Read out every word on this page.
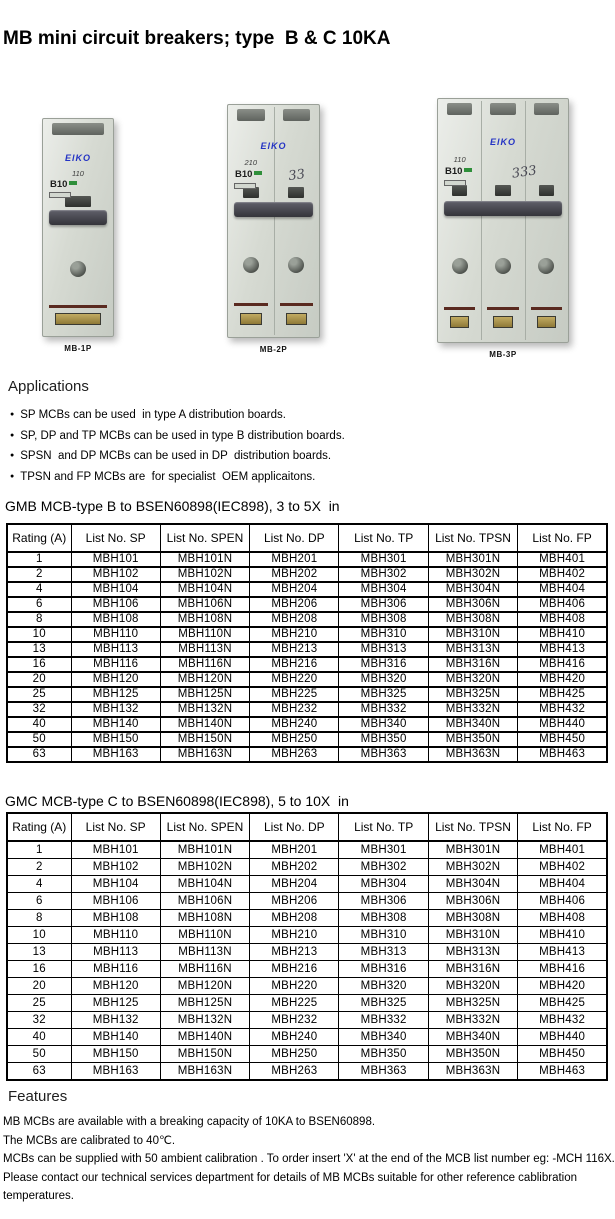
MB mini circuit breakers; type  B & C 10KA
ElKO
110
B10
MB-1P
ElKO
210
B10	33
MB-2P
ElKO
110
B10	333
MB-3P
Applications
● SP MCBs can be used  in type A distribution boards.
● SP, DP and TP MCBs can be used in type B distribution boards.
● SPSN  and DP MCBs can be used in DP  distribution boards.
● TPSN and FP MCBs are  for specialist  OEM applicaitons.
GMB MCB-type B to BSEN60898(IEC898), 3 to 5X  in
Rating (A)	List No. SP	List No. SPEN	List No. DP	List No. TP	List No. TPSN	List No. FP
1	MBH101	MBH101N	MBH201	MBH301	MBH301N	MBH401
2	MBH102	MBH102N	MBH202	MBH302	MBH302N	MBH402
4	MBH104	MBH104N	MBH204	MBH304	MBH304N	MBH404
6	MBH106	MBH106N	MBH206	MBH306	MBH306N	MBH406
8	MBH108	MBH108N	MBH208	MBH308	MBH308N	MBH408
10	MBH110	MBH110N	MBH210	MBH310	MBH310N	MBH410
13	MBH113	MBH113N	MBH213	MBH313	MBH313N	MBH413
16	MBH116	MBH116N	MBH216	MBH316	MBH316N	MBH416
20	MBH120	MBH120N	MBH220	MBH320	MBH320N	MBH420
25	MBH125	MBH125N	MBH225	MBH325	MBH325N	MBH425
32	MBH132	MBH132N	MBH232	MBH332	MBH332N	MBH432
40	MBH140	MBH140N	MBH240	MBH340	MBH340N	MBH440
50	MBH150	MBH150N	MBH250	MBH350	MBH350N	MBH450
63	MBH163	MBH163N	MBH263	MBH363	MBH363N	MBH463
GMC MCB-type C to BSEN60898(IEC898), 5 to 10X  in
Rating (A)	List No. SP	List No. SPEN	List No. DP	List No. TP	List No. TPSN	List No. FP
1	MBH101	MBH101N	MBH201	MBH301	MBH301N	MBH401
2	MBH102	MBH102N	MBH202	MBH302	MBH302N	MBH402
4	MBH104	MBH104N	MBH204	MBH304	MBH304N	MBH404
6	MBH106	MBH106N	MBH206	MBH306	MBH306N	MBH406
8	MBH108	MBH108N	MBH208	MBH308	MBH308N	MBH408
10	MBH110	MBH110N	MBH210	MBH310	MBH310N	MBH410
13	MBH113	MBH113N	MBH213	MBH313	MBH313N	MBH413
16	MBH116	MBH116N	MBH216	MBH316	MBH316N	MBH416
20	MBH120	MBH120N	MBH220	MBH320	MBH320N	MBH420
25	MBH125	MBH125N	MBH225	MBH325	MBH325N	MBH425
32	MBH132	MBH132N	MBH232	MBH332	MBH332N	MBH432
40	MBH140	MBH140N	MBH240	MBH340	MBH340N	MBH440
50	MBH150	MBH150N	MBH250	MBH350	MBH350N	MBH450
63	MBH163	MBH163N	MBH263	MBH363	MBH363N	MBH463
Features
MB MCBs are available with a breaking capacity of 10KA to BSEN60898.
The MCBs are calibrated to 40℃.
MCBs can be supplied with 50 ambient calibration . To order insert 'X' at the end of the MCB list number eg: -MCH 116X.
Please contact our technical services department for details of MB MCBs suitable for other reference cablibration temperatures.
